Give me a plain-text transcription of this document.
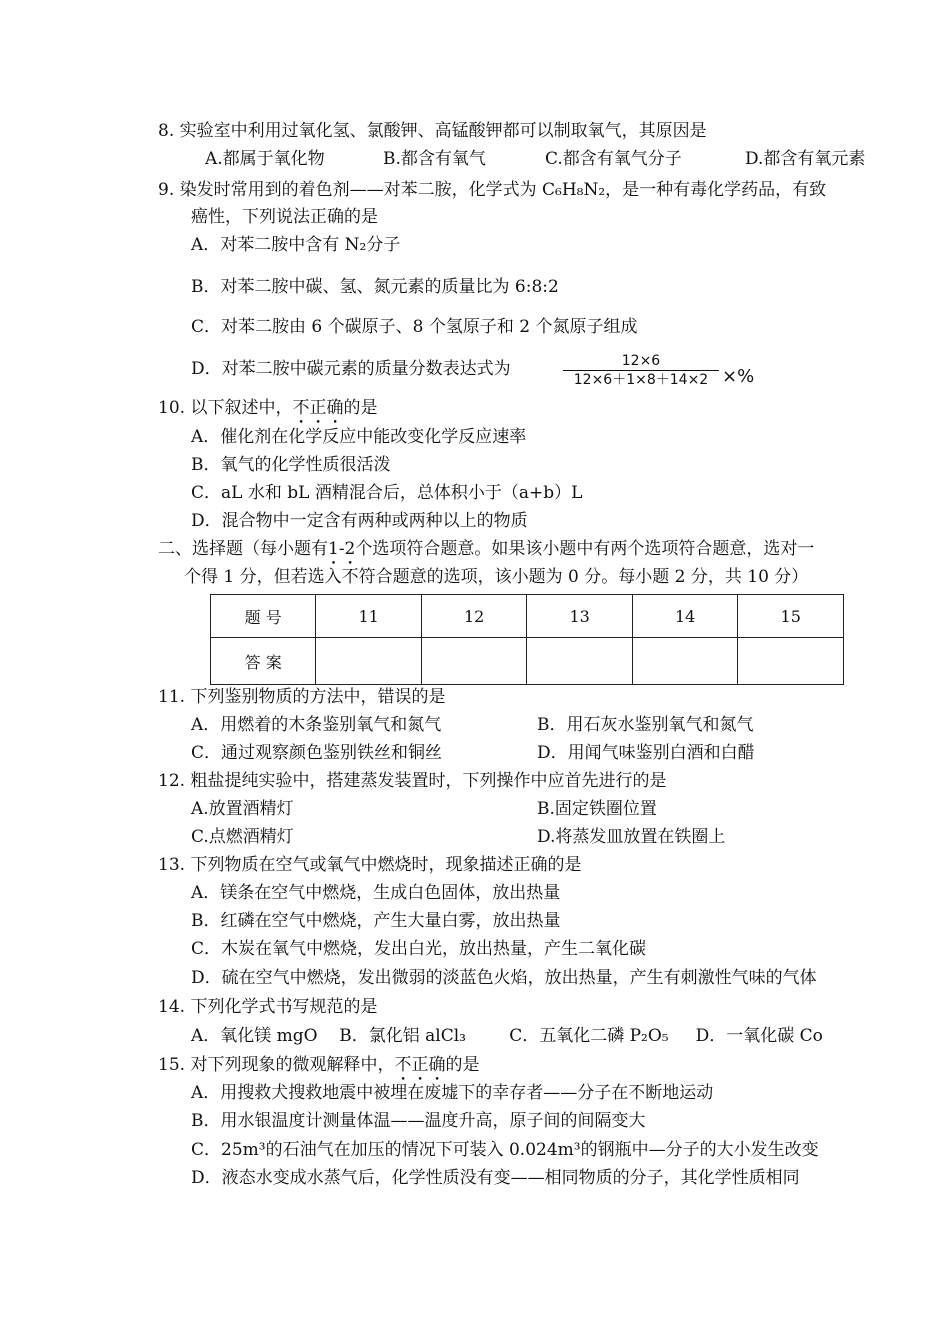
8. 实验室中利用过氧化氢、氯酸钾、高锰酸钾都可以制取氧气，其原因是
A.都属于氧化物	B.都含有氧气	C.都含有氧气分子	D.都含有氧元素
9. 染发时常用到的着色剂——对苯二胺，化学式为 C₆H₈N₂，是一种有毒化学药品，有致
癌性，下列说法正确的是
A．对苯二胺中含有 N₂分子
B．对苯二胺中碳、氢、氮元素的质量比为 6:8:2
C．对苯二胺由 6 个碳原子、8 个氢原子和 2 个氮原子组成
D．对苯二胺中碳元素的质量分数表达式为	12×6
12×6＋1×8＋14×2 ×%
10. 以下叙述中，不正确的是
A．催化剂在化学反应中能改变化学反应速率
B．氧气的化学性质很活泼
C．aL 水和 bL 酒精混合后，总体积小于（a+b）L
D．混合物中一定含有两种或两种以上的物质
二、选择题（每小题有1-2个选项符合题意。如果该小题中有两个选项符合题意，选对一
个得 1 分，但若选入不符合题意的选项，该小题为 0 分。每小题 2 分，共 10 分）
题 号	11	12	13	14	15
答 案					
11. 下列鉴别物质的方法中，错误的是
A．用燃着的木条鉴别氧气和氮气	B．用石灰水鉴别氧气和氮气
C．通过观察颜色鉴别铁丝和铜丝	D．用闻气味鉴别白酒和白醋
12. 粗盐提纯实验中，搭建蒸发装置时，下列操作中应首先进行的是
A.放置酒精灯	B.固定铁圈位置
C.点燃酒精灯	D.将蒸发皿放置在铁圈上
13. 下列物质在空气或氧气中燃烧时，现象描述正确的是
A．镁条在空气中燃烧，生成白色固体，放出热量
B．红磷在空气中燃烧，产生大量白雾，放出热量
C．木炭在氧气中燃烧，发出白光，放出热量，产生二氧化碳
D．硫在空气中燃烧，发出微弱的淡蓝色火焰，放出热量，产生有刺激性气味的气体
14. 下列化学式书写规范的是
A．氧化镁 mgO    B．氯化铝 alCl₃        C．五氧化二磷 P₂O₅     D．一氧化碳 Co
15. 对下列现象的微观解释中，不正确的是
A．用搜救犬搜救地震中被埋在废墟下的幸存者——分子在不断地运动
B．用水银温度计测量体温——温度升高，原子间的间隔变大
C．25m³的石油气在加压的情况下可装入 0.024m³的钢瓶中—分子的大小发生改变
D．液态水变成水蒸气后，化学性质没有变——相同物质的分子，其化学性质相同
